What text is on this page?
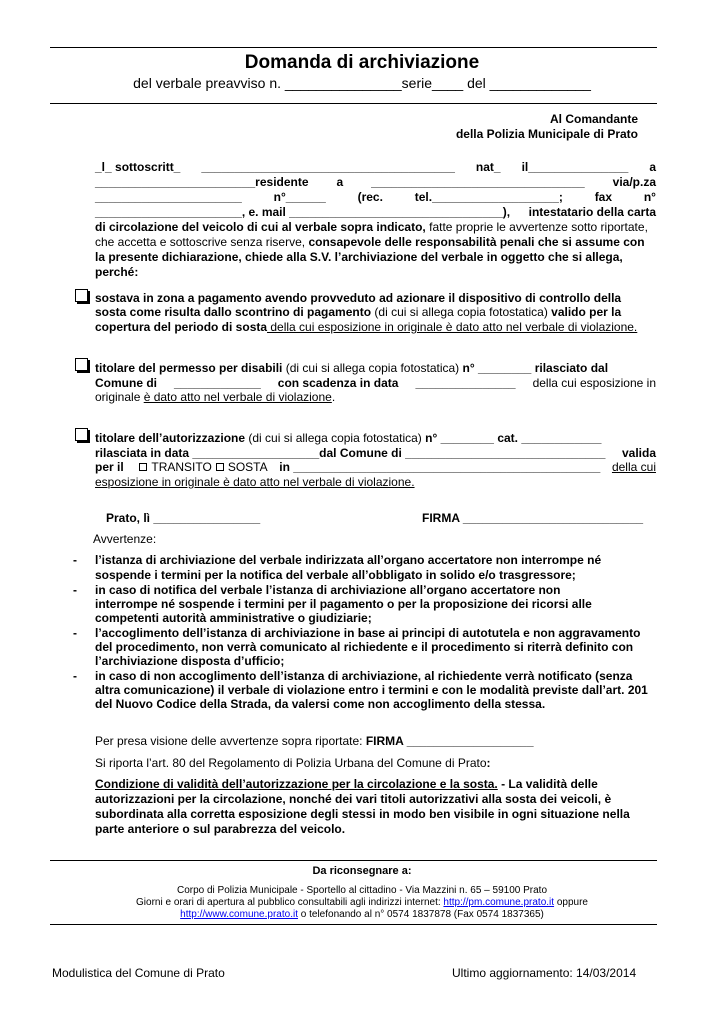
Domanda di archiviazione
del verbale preavviso n. _______________serie____ del _____________
Al Comandante
della Polizia Municipale di Prato
_l_ sottoscritt_ ______________________________________ nat_ il_______________ a
________________________residente a ________________________________ via/p.za
______________________	n°______	(rec.	tel.___________________;	fax	n°
______________________, e. mail ________________________________), intestatario della carta
di circolazione del veicolo di cui al verbale sopra indicato, fatte proprie le avvertenze sotto riportate,
che accetta e sottoscrive senza riserve, consapevole delle responsabilità penali che si assume con
la presente dichiarazione, chiede alla S.V. l’archiviazione del verbale in oggetto che si allega,
perché:
sostava in zona a pagamento avendo provveduto ad azionare il dispositivo di controllo della
sosta come risulta dallo scontrino di pagamento (di cui si allega copia fotostatica) valido per la
copertura del periodo di sosta della cui esposizione in originale è dato atto nel verbale di violazione.
titolare del permesso per disabili (di cui si allega copia fotostatica) n° ________ rilasciato dal
Comune di _____________ con scadenza in data _______________ della cui esposizione in
originale è dato atto nel verbale di violazione.
titolare dell’autorizzazione (di cui si allega copia fotostatica) n° ________ cat. ____________
rilasciata in data ___________________dal Comune di ______________________________ valida
per il	TRANSITO SOSTA in ______________________________________________ della cui
esposizione in originale è dato atto nel verbale di violazione.
Prato, lì ________________	FIRMA ___________________________
Avvertenze:
- l’istanza di archiviazione del verbale indirizzata all’organo accertatore non interrompe né
sospende i termini per la notifica del verbale all’obbligato in solido e/o trasgressore;
- in caso di notifica del verbale l’istanza di archiviazione all’organo accertatore non
interrompe né sospende i termini per il pagamento o per la proposizione dei ricorsi alle
competenti autorità amministrative o giudiziarie;
- l’accoglimento dell’istanza di archiviazione in base ai principi di autotutela e non aggravamento
del procedimento, non verrà comunicato al richiedente e il procedimento si riterrà definito con
l’archiviazione disposta d’ufficio;
- in caso di non accoglimento dell’istanza di archiviazione, al richiedente verrà notificato (senza
altra comunicazione) il verbale di violazione entro i termini e con le modalità previste dall’art. 201
del Nuovo Codice della Strada, da valersi come non accoglimento della stessa.
Per presa visione delle avvertenze sopra riportate: FIRMA ___________________
Si riporta l’art. 80 del Regolamento di Polizia Urbana del Comune di Prato:
Condizione di validità dell’autorizzazione per la circolazione e la sosta. - La validità delle
autorizzazioni per la circolazione, nonché dei vari titoli autorizzativi alla sosta dei veicoli, è
subordinata alla corretta esposizione degli stessi in modo ben visibile in ogni situazione nella
parte anteriore o sul parabrezza del veicolo.
Da riconsegnare a:
Corpo di Polizia Municipale - Sportello al cittadino - Via Mazzini n. 65 – 59100 Prato
Giorni e orari di apertura al pubblico consultabili agli indirizzi internet: http://pm.comune.prato.it oppure
http://www.comune.prato.it o telefonando al n° 0574 1837878 (Fax 0574 1837365)
Modulistica del Comune di Prato	Ultimo aggiornamento: 14/03/2014
